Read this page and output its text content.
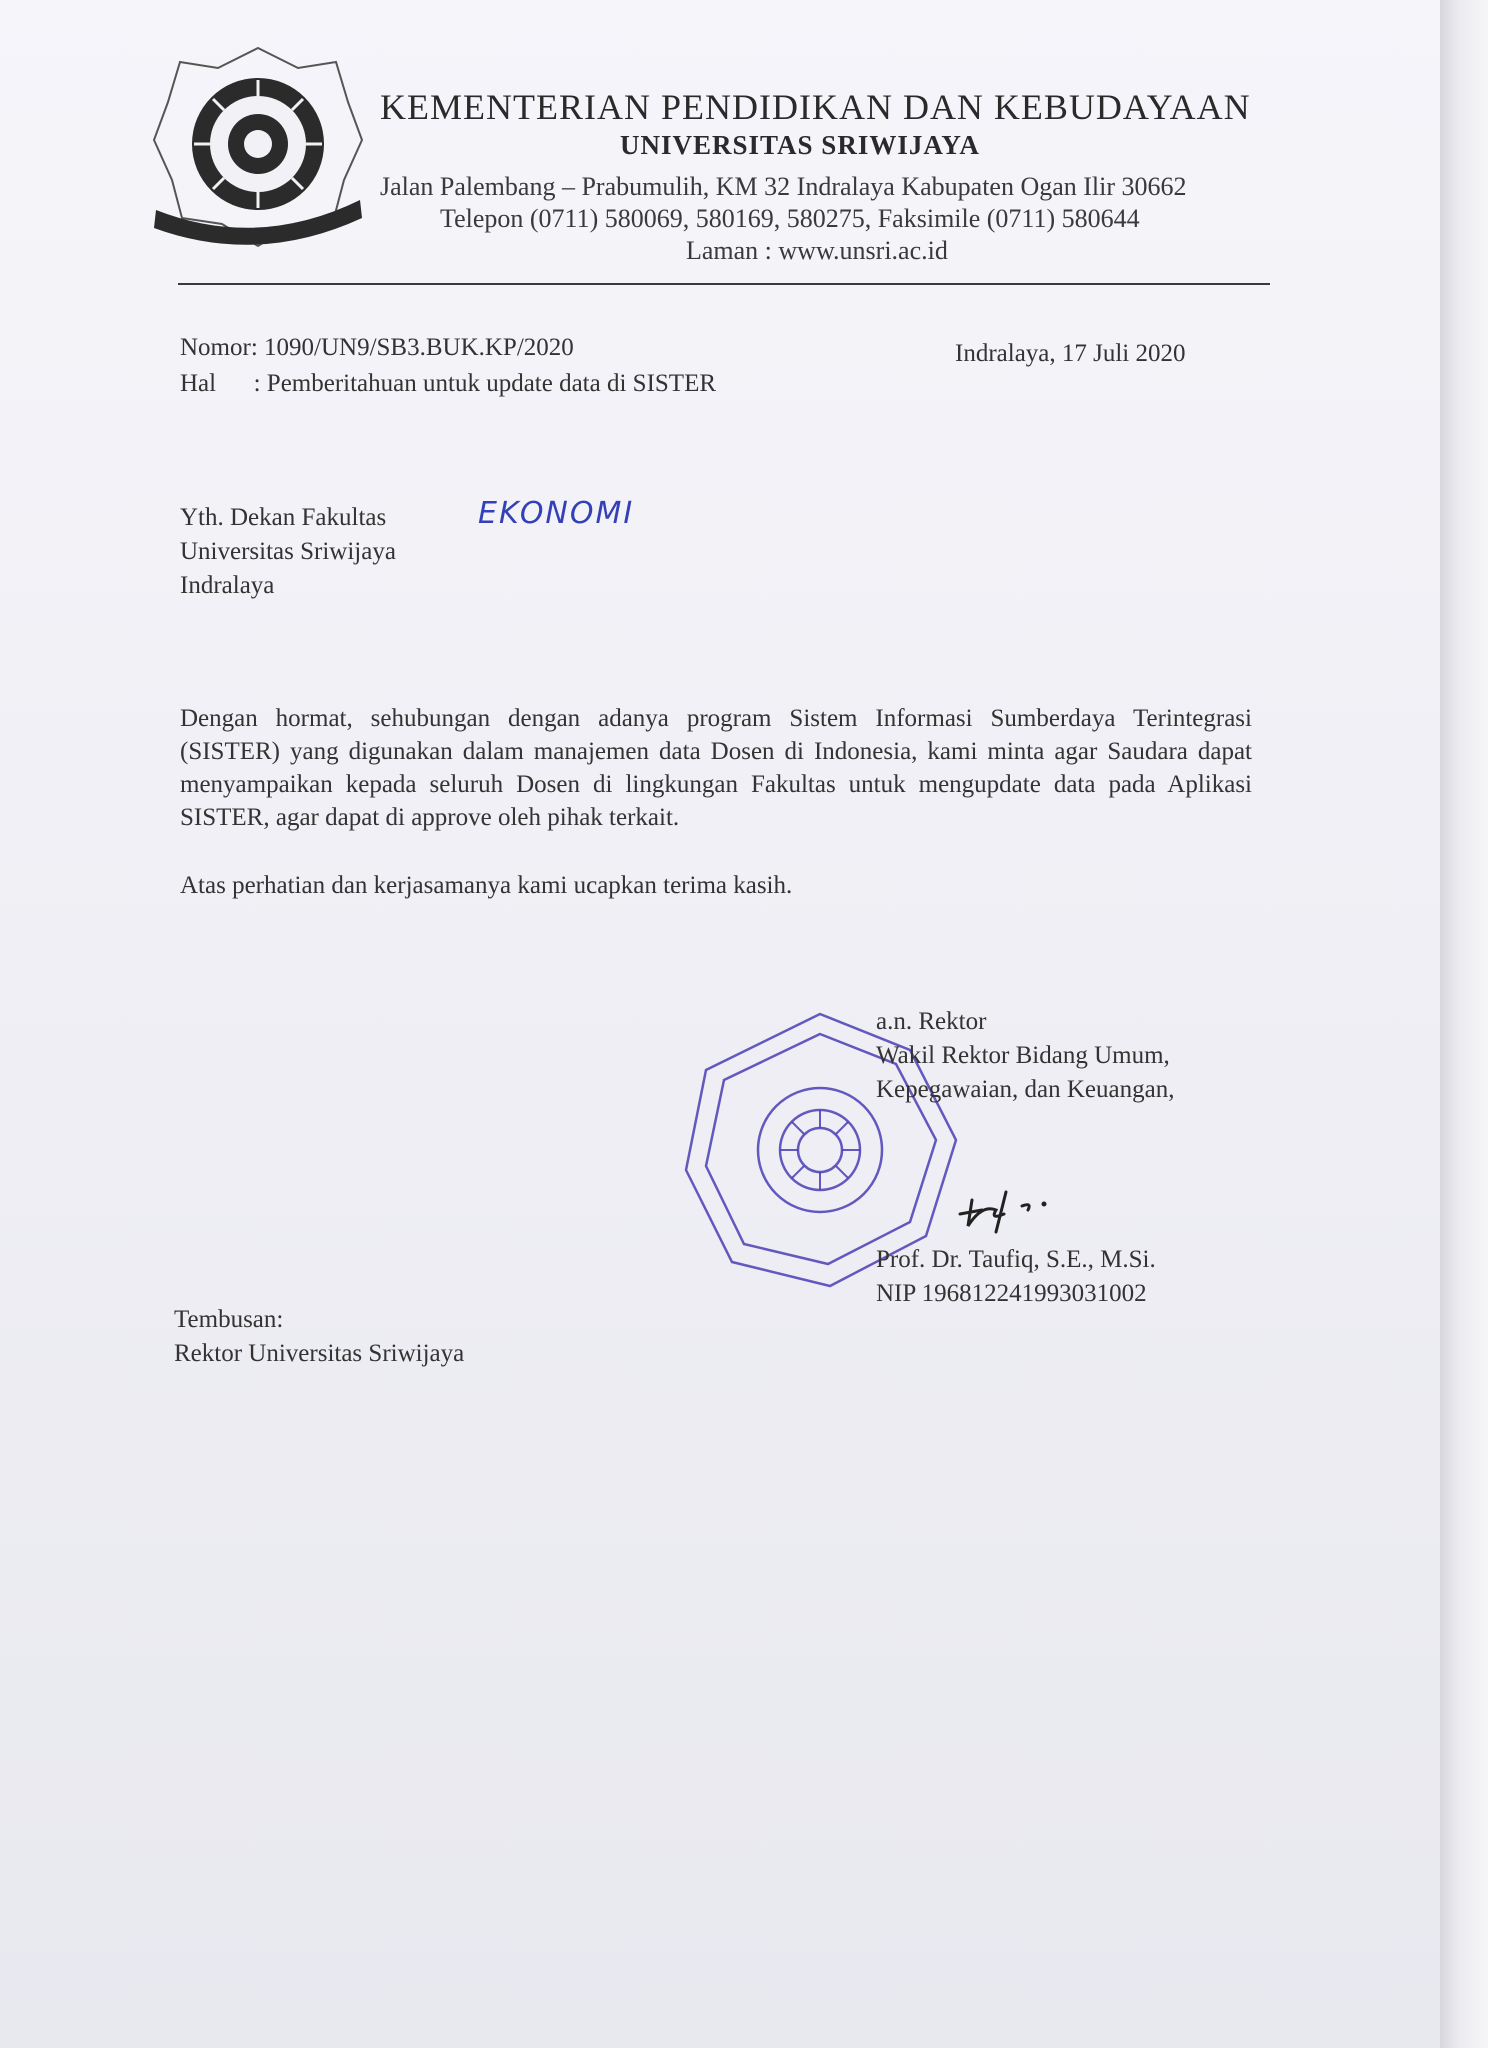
KEMENTERIAN PENDIDIKAN DAN KEBUDAYAAN
UNIVERSITAS SRIWIJAYA
Jalan Palembang – Prabumulih, KM 32 Indralaya Kabupaten Ogan Ilir 30662
Telepon (0711) 580069, 580169, 580275, Faksimile (0711) 580644
Laman : www.unsri.ac.id
Nomor: 1090/UN9/SB3.BUK.KP/2020
Hal      : Pemberitahuan untuk update data di SISTER
Indralaya, 17 Juli 2020
Yth. Dekan Fakultas
Universitas Sriwijaya
Indralaya
EKONOMI
Dengan hormat, sehubungan dengan adanya program Sistem Informasi Sumberdaya Terintegrasi (SISTER) yang digunakan dalam manajemen data Dosen di Indonesia, kami minta agar Saudara dapat menyampaikan kepada seluruh Dosen di lingkungan Fakultas untuk mengupdate data pada Aplikasi SISTER, agar dapat di approve oleh pihak terkait.
Atas perhatian dan kerjasamanya kami ucapkan terima kasih.
a.n. Rektor
Wakil Rektor Bidang Umum,
Kepegawaian, dan Keuangan,
Prof. Dr. Taufiq, S.E., M.Si.
NIP 196812241993031002
Tembusan:
Rektor Universitas Sriwijaya
